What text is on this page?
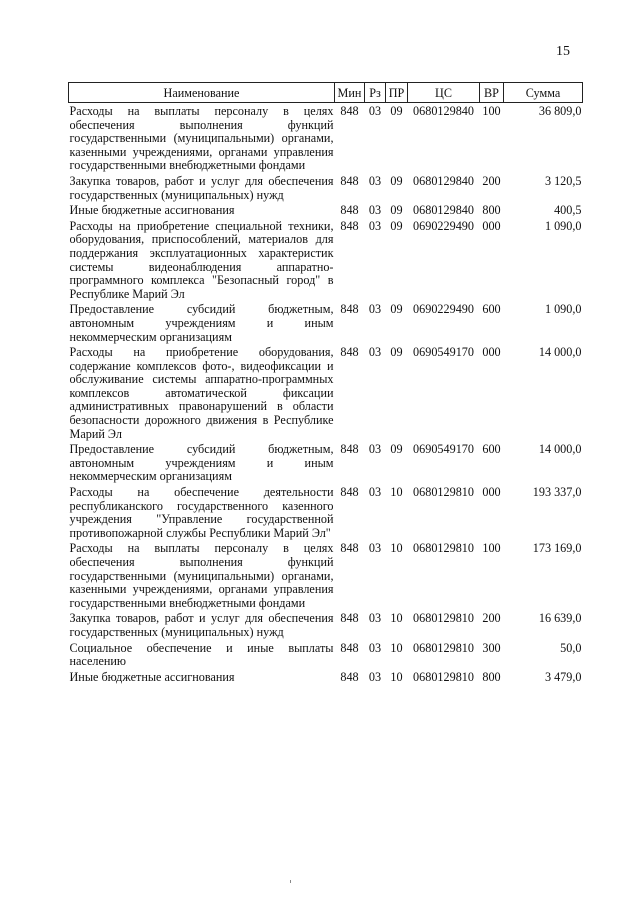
15
Наименование	Мин	Рз	ПР	ЦС	ВР	Сумма
Расходы на выплаты персоналу в целях обеспечения выполнения функций государственными (муниципальными) органами, казенными учреждениями, органами управления государственными внебюджетными фондами	848	03	09	0680129840	100	36 809,0
Закупка товаров, работ и услуг для обеспечения государственных (муниципальных) нужд	848	03	09	0680129840	200	3 120,5
Иные бюджетные ассигнования	848	03	09	0680129840	800	400,5
Расходы на приобретение специальной техники, оборудования, приспособлений, материалов для поддержания эксплуатационных характеристик системы видеонаблюдения аппаратно-программного комплекса "Безопасный город" в Республике Марий Эл	848	03	09	0690229490	000	1 090,0
Предоставление субсидий бюджетным, автономным учреждениям и иным некоммерческим организациям	848	03	09	0690229490	600	1 090,0
Расходы на приобретение оборудования, содержание комплексов фото-, видеофиксации и обслуживание системы аппаратно-программных комплексов автоматической фиксации административных правонарушений в области безопасности дорожного движения в Республике Марий Эл	848	03	09	0690549170	000	14 000,0
Предоставление субсидий бюджетным, автономным учреждениям и иным некоммерческим организациям	848	03	09	0690549170	600	14 000,0
Расходы на обеспечение деятельности республиканского государственного казенного учреждения "Управление государственной противопожарной службы Республики Марий Эл"	848	03	10	0680129810	000	193 337,0
Расходы на выплаты персоналу в целях обеспечения выполнения функций государственными (муниципальными) органами, казенными учреждениями, органами управления государственными внебюджетными фондами	848	03	10	0680129810	100	173 169,0
Закупка товаров, работ и услуг для обеспечения государственных (муниципальных) нужд	848	03	10	0680129810	200	16 639,0
Социальное обеспечение и иные выплаты населению	848	03	10	0680129810	300	50,0
Иные бюджетные ассигнования	848	03	10	0680129810	800	3 479,0
